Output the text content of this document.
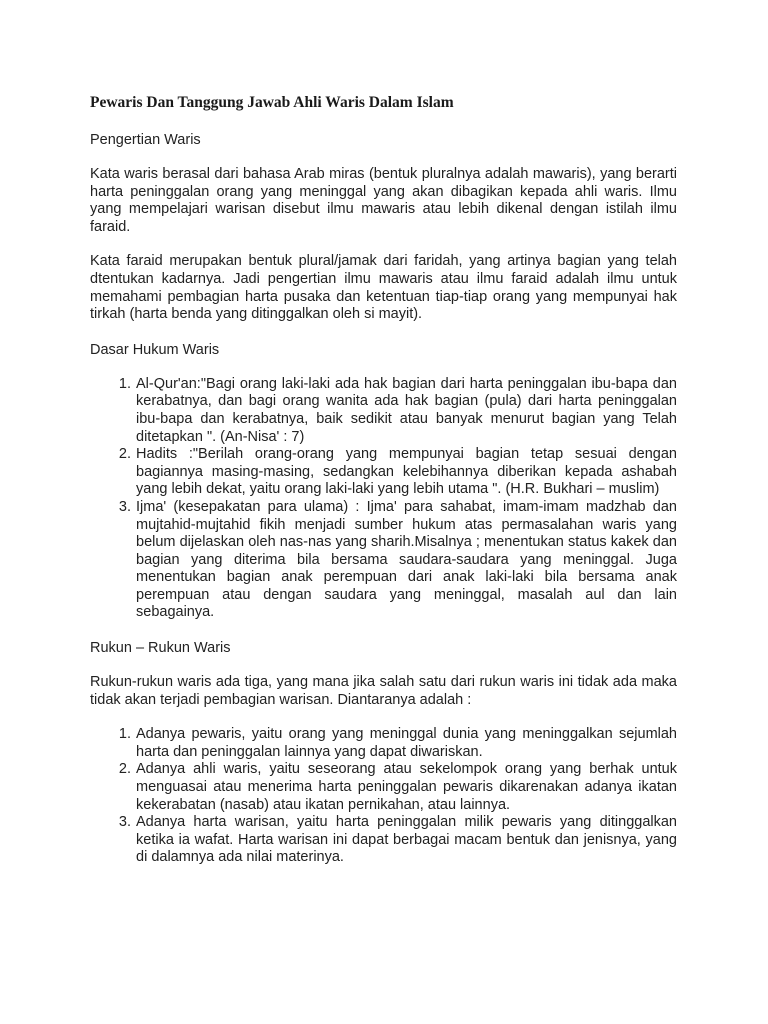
Pewaris Dan Tanggung Jawab Ahli Waris Dalam Islam
Pengertian Waris

Kata waris berasal dari bahasa Arab miras (bentuk pluralnya adalah mawaris), yang berarti harta peninggalan orang yang meninggal yang akan dibagikan kepada ahli waris. Ilmu yang mempelajari warisan disebut ilmu mawaris atau lebih dikenal dengan istilah ilmu faraid.

Kata faraid merupakan bentuk plural/jamak dari faridah, yang artinya bagian yang telah dtentukan kadarnya. Jadi pengertian ilmu mawaris atau ilmu faraid adalah ilmu untuk memahami pembagian harta pusaka dan ketentuan tiap-tiap orang yang mempunyai hak tirkah (harta benda yang ditinggalkan oleh si mayit).

Dasar Hukum Waris
1. Al-Qur'an:"Bagi orang laki-laki ada hak bagian dari harta peninggalan ibu-bapa dan kerabatnya, dan bagi orang wanita ada hak bagian (pula) dari harta peninggalan ibu-bapa dan kerabatnya, baik sedikit atau banyak menurut bagian yang Telah ditetapkan ". (An-Nisa' : 7)
2. Hadits :"Berilah orang-orang yang mempunyai bagian tetap sesuai dengan bagiannya masing-masing, sedangkan kelebihannya diberikan kepada ashabah yang lebih dekat, yaitu orang laki-laki yang lebih utama ". (H.R. Bukhari – muslim)
3. Ijma' (kesepakatan para ulama) : Ijma' para sahabat, imam-imam madzhab dan mujtahid-mujtahid fikih menjadi sumber hukum atas permasalahan waris yang belum dijelaskan oleh nas-nas yang sharih.Misalnya ; menentukan status kakek dan bagian yang diterima bila bersama saudara-saudara yang meninggal. Juga menentukan bagian anak perempuan dari anak laki-laki bila bersama anak perempuan atau dengan saudara yang meninggal, masalah aul dan lain sebagainya.
Rukun – Rukun Waris

Rukun-rukun waris ada tiga, yang mana jika salah satu dari rukun waris ini tidak ada maka tidak akan terjadi pembagian warisan. Diantaranya adalah :

1. Adanya pewaris, yaitu orang yang meninggal dunia yang meninggalkan sejumlah harta dan peninggalan lainnya yang dapat diwariskan.
2. Adanya ahli waris, yaitu seseorang atau sekelompok orang yang berhak untuk menguasai atau menerima harta peninggalan pewaris dikarenakan adanya ikatan kekerabatan (nasab) atau ikatan pernikahan, atau lainnya.
3. Adanya harta warisan, yaitu harta peninggalan milik pewaris yang ditinggalkan ketika ia wafat. Harta warisan ini dapat berbagai macam bentuk dan jenisnya, yang di dalamnya ada nilai materinya.
